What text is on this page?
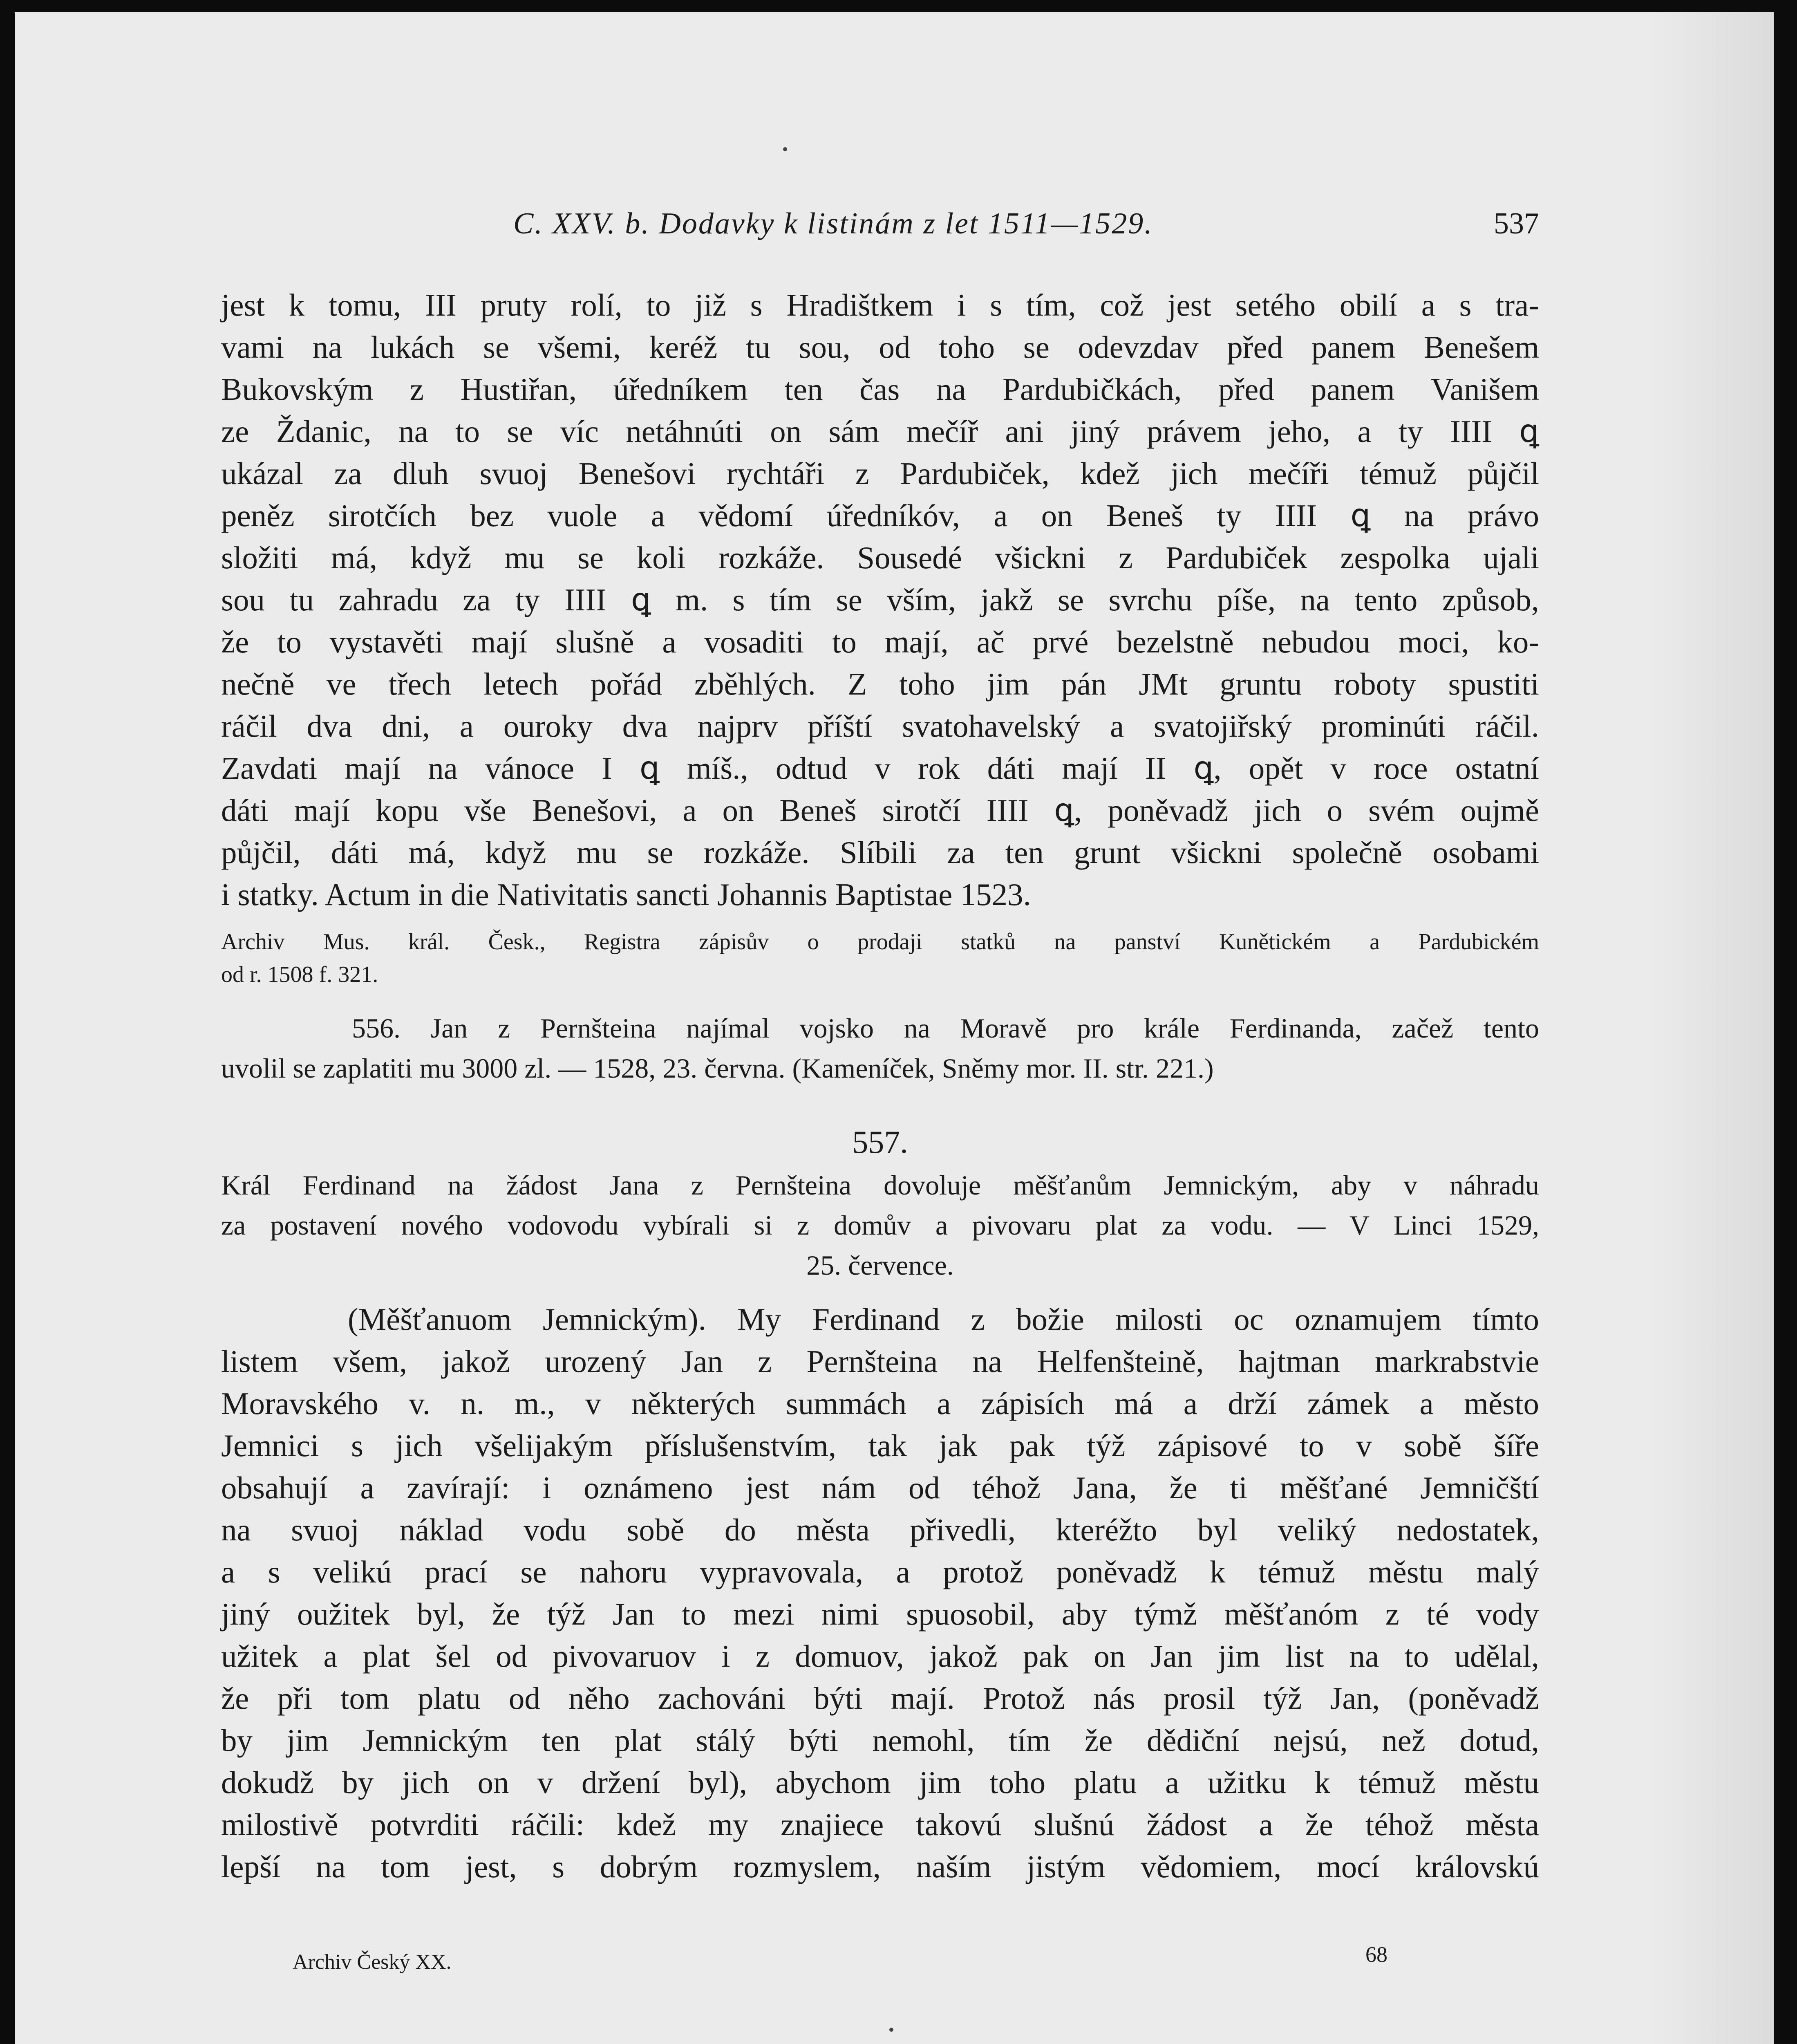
C. XXV. b. Dodavky k listinám z let 1511—1529.	537

jest k tomu, III pruty rolí, to již s Hradištkem i s tím, což jest setého obilí a s tra-

vami na lukách se všemi, keréž tu sou, od toho se odevzdav před panem Benešem

Bukovským z Hustiřan, úředníkem ten čas na Pardubičkách, před panem Vanišem

ze Ždanic, na to se víc netáhnúti on sám mečíř ani jiný právem jeho, a ty IIII ꝗ

ukázal za dluh svuoj Benešovi rychtáři z Pardubiček, kdež jich mečíři témuž půjčil

peněz sirotčích bez vuole a vědomí úředníkóv, a on Beneš ty IIII ꝗ na právo

složiti má, když mu se koli rozkáže. Sousedé všickni z Pardubiček zespolka ujali

sou tu zahradu za ty IIII ꝗ m. s tím se vším, jakž se svrchu píše, na tento způsob,

že to vystavěti mají slušně a vosaditi to mají, ač prvé bezelstně nebudou moci, ko-

nečně ve třech letech pořád zběhlých. Z toho jim pán JMt gruntu roboty spustiti

ráčil dva dni, a ouroky dva najprv příští svatohavelský a svatojiřský prominúti ráčil.

Zavdati mají na vánoce I ꝗ míš., odtud v rok dáti mají II ꝗ, opět v roce ostatní

dáti mají kopu vše Benešovi, a on Beneš sirotčí IIII ꝗ, poněvadž jich o svém oujmě

půjčil, dáti má, když mu se rozkáže. Slíbili za ten grunt všickni společně osobami

i statky. Actum in die Nativitatis sancti Johannis Baptistae 1523.

Archiv Mus. král. Česk., Registra zápisův o prodaji statků na panství Kunětickém a Pardubickém

od r. 1508 f. 321.

556. Jan z Pernšteina najímal vojsko na Moravě pro krále Ferdinanda, začež tento

uvolil se zaplatiti mu 3000 zl. — 1528, 23. června. (Kameníček, Sněmy mor. II. str. 221.)

557.

Král Ferdinand na žádost Jana z Pernšteina dovoluje měšťanům Jemnickým, aby v náhradu

za postavení nového vodovodu vybírali si z domův a pivovaru plat za vodu. — V Linci 1529,

25. července.

(Měšťanuom Jemnickým). My Ferdinand z božie milosti oc oznamujem tímto

listem všem, jakož urozený Jan z Pernšteina na Helfenšteině, hajtman markrabstvie

Moravského v. n. m., v některých summách a zápisích má a drží zámek a město

Jemnici s jich všelijakým příslušenstvím, tak jak pak týž zápisové to v sobě šíře

obsahují a zavírají: i oznámeno jest nám od téhož Jana, že ti měšťané Jemničští

na svuoj náklad vodu sobě do města přivedli, kteréžto byl veliký nedostatek,

a s velikú prací se nahoru vypravovala, a protož poněvadž k témuž městu malý

jiný oužitek byl, že týž Jan to mezi nimi spuosobil, aby týmž měšťanóm z té vody

užitek a plat šel od pivovaruov i z domuov, jakož pak on Jan jim list na to udělal,

že při tom platu od něho zachováni býti mají. Protož nás prosil týž Jan, (poněvadž

by jim Jemnickým ten plat stálý býti nemohl, tím že dědiční nejsú, než dotud,

dokudž by jich on v držení byl), abychom jim toho platu a užitku k témuž městu

milostivě potvrditi ráčili: kdež my znajiece takovú slušnú žádost a že téhož města

lepší na tom jest, s dobrým rozmyslem, naším jistým vědomiem, mocí královskú

Archiv Český XX.	68
